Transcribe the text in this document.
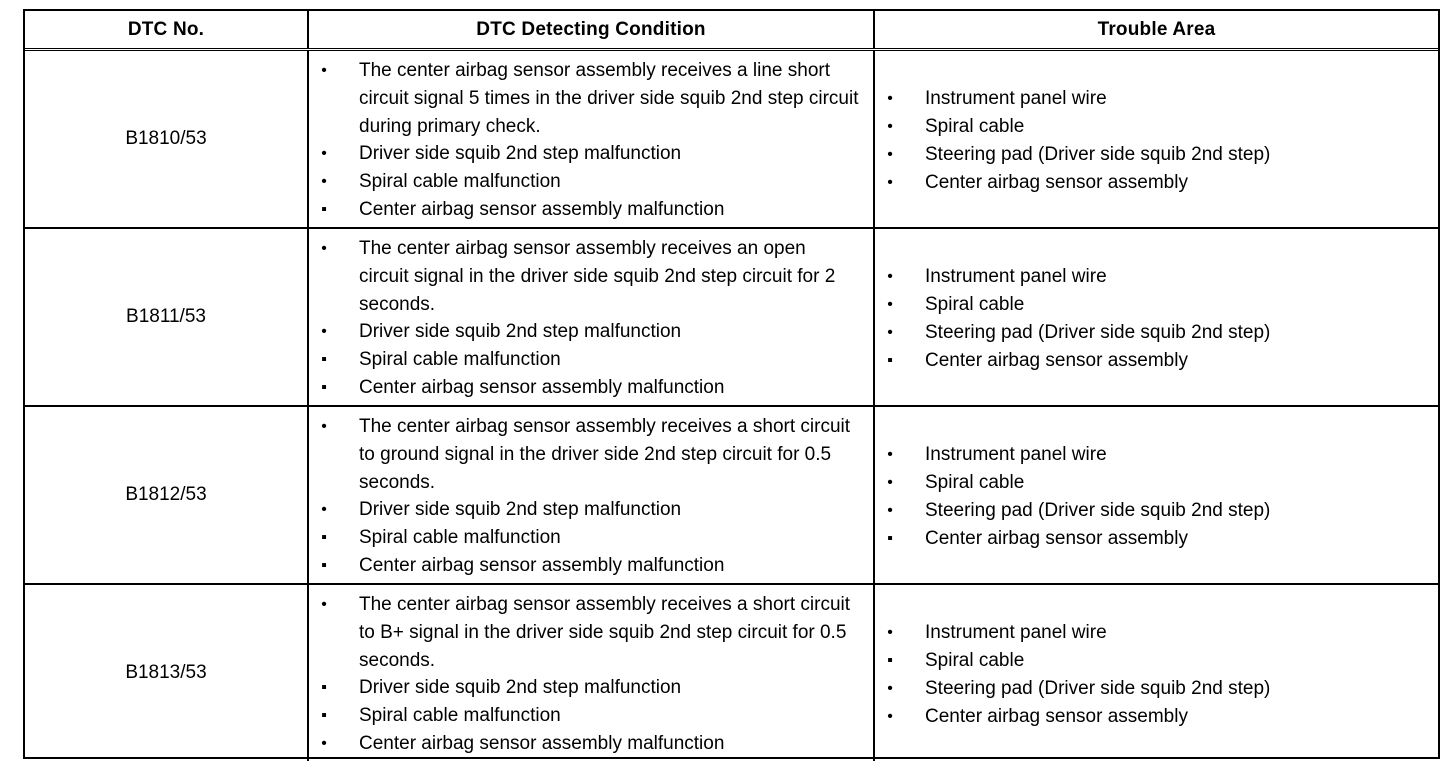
DTC No.	DTC Detecting Condition	Trouble Area
B1810/53
• The center airbag sensor assembly receives a line short circuit signal 5 times in the driver side squib 2nd step circuit during primary check.
• Driver side squib 2nd step malfunction
• Spiral cable malfunction
▪ Center airbag sensor assembly malfunction
• Instrument panel wire
• Spiral cable
• Steering pad (Driver side squib 2nd step)
• Center airbag sensor assembly
B1811/53
• The center airbag sensor assembly receives an open circuit signal in the driver side squib 2nd step circuit for 2 seconds.
• Driver side squib 2nd step malfunction
▪ Spiral cable malfunction
▪ Center airbag sensor assembly malfunction
• Instrument panel wire
• Spiral cable
• Steering pad (Driver side squib 2nd step)
▪ Center airbag sensor assembly
B1812/53
• The center airbag sensor assembly receives a short circuit to ground signal in the driver side 2nd step circuit for 0.5 seconds.
• Driver side squib 2nd step malfunction
▪ Spiral cable malfunction
▪ Center airbag sensor assembly malfunction
• Instrument panel wire
• Spiral cable
• Steering pad (Driver side squib 2nd step)
▪ Center airbag sensor assembly
B1813/53
• The center airbag sensor assembly receives a short circuit to B+ signal in the driver side squib 2nd step circuit for 0.5 seconds.
▪ Driver side squib 2nd step malfunction
▪ Spiral cable malfunction
• Center airbag sensor assembly malfunction
• Instrument panel wire
▪ Spiral cable
• Steering pad (Driver side squib 2nd step)
• Center airbag sensor assembly
